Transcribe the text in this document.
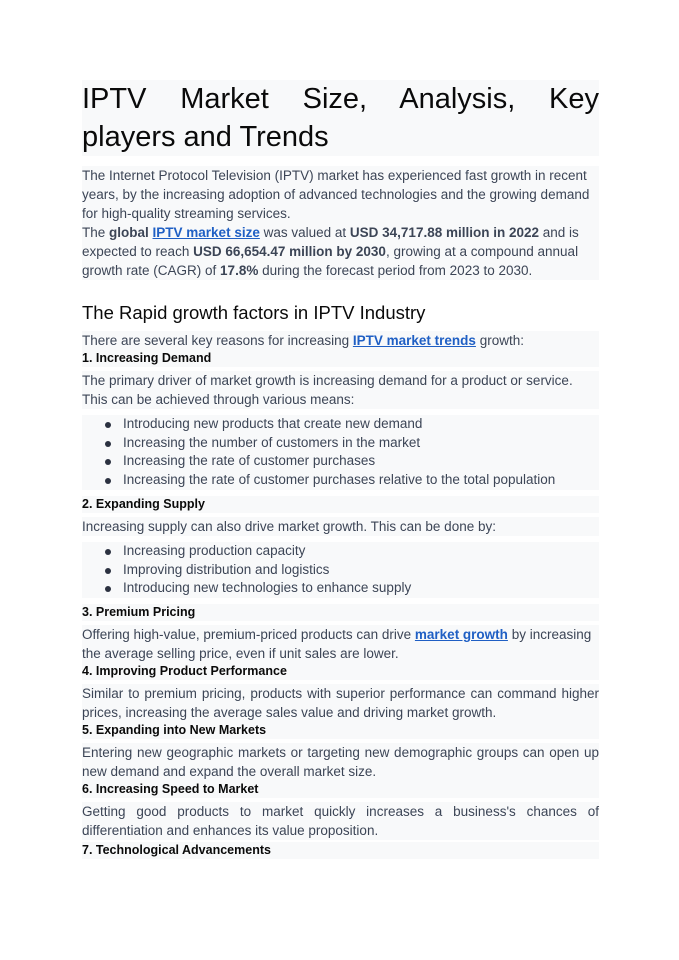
IPTV Market Size, Analysis, Key
players and Trends

The Internet Protocol Television (IPTV) market has experienced fast growth in recent years, by the increasing adoption of advanced technologies and the growing demand for high-quality streaming services.

The global IPTV market size was valued at USD 34,717.88 million in 2022 and is expected to reach USD 66,654.47 million by 2030, growing at a compound annual growth rate (CAGR) of 17.8% during the forecast period from 2023 to 2030.

The Rapid growth factors in IPTV Industry

There are several key reasons for increasing IPTV market trends growth:

1. Increasing Demand

The primary driver of market growth is increasing demand for a product or service. This can be achieved through various means:

Introducing new products that create new demand
Increasing the number of customers in the market
Increasing the rate of customer purchases
Increasing the rate of customer purchases relative to the total population
2. Expanding Supply

Increasing supply can also drive market growth. This can be done by:

Increasing production capacity
Improving distribution and logistics
Introducing new technologies to enhance supply
3. Premium Pricing

Offering high-value, premium-priced products can drive market growth by increasing the average selling price, even if unit sales are lower.

4. Improving Product Performance

Similar to premium pricing, products with superior performance can command higher prices, increasing the average sales value and driving market growth.

5. Expanding into New Markets

Entering new geographic markets or targeting new demographic groups can open up new demand and expand the overall market size.

6. Increasing Speed to Market

Getting good products to market quickly increases a business's chances of differentiation and enhances its value proposition.

7. Technological Advancements
